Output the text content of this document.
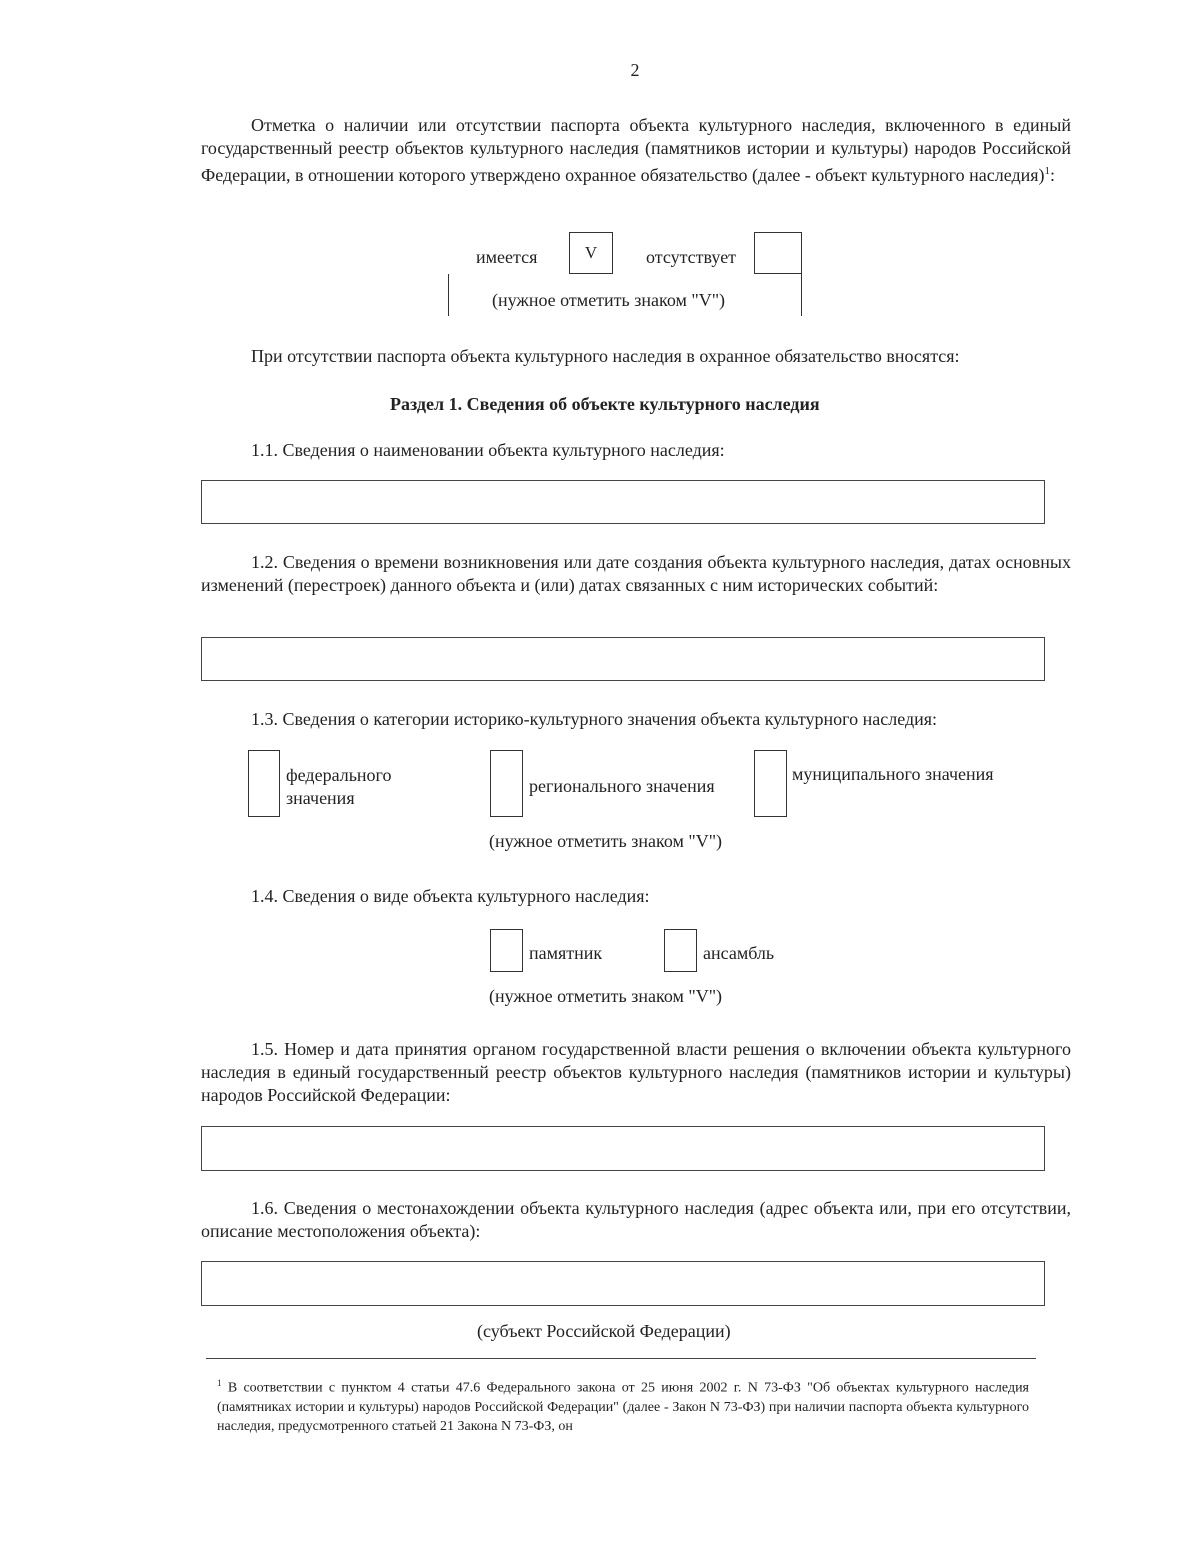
2
Отметка о наличии или отсутствии паспорта объекта культурного наследия, включенного в единый государственный реестр объектов культурного наследия (памятников истории и культуры) народов Российской Федерации, в отношении которого утверждено охранное обязательство (далее - объект культурного наследия)$^1$:
имеется	V	отсутствует
(нужное отметить знаком "V")
При отсутствии паспорта объекта культурного наследия в охранное обязательство вносятся:
Раздел 1. Сведения об объекте культурного наследия
1.1. Сведения о наименовании объекта культурного наследия:
1.2. Сведения о времени возникновения или дате создания объекта культурного наследия, датах основных изменений (перестроек) данного объекта и (или) датах связанных с ним исторических событий:
1.3. Сведения о категории историко-культурного значения объекта культурного наследия:
федерального
значения
регионального значения
муниципального значения
(нужное отметить знаком "V")
1.4. Сведения о виде объекта культурного наследия:
памятник	ансамбль
(нужное отметить знаком "V")
1.5. Номер и дата принятия органом государственной власти решения о включении объекта культурного наследия в единый государственный реестр объектов культурного наследия (памятников истории и культуры) народов Российской Федерации:
1.6. Сведения о местонахождении объекта культурного наследия (адрес объекта или, при его отсутствии, описание местоположения объекта):
(субъект Российской Федерации)
$^1$ В соответствии с пунктом 4 статьи 47.6 Федерального закона от 25 июня 2002 г. N 73-ФЗ "Об объектах культурного наследия (памятниках истории и культуры) народов Российской Федерации" (далее - Закон N 73-ФЗ) при наличии паспорта объекта культурного наследия, предусмотренного статьей 21 Закона N 73-ФЗ, он
